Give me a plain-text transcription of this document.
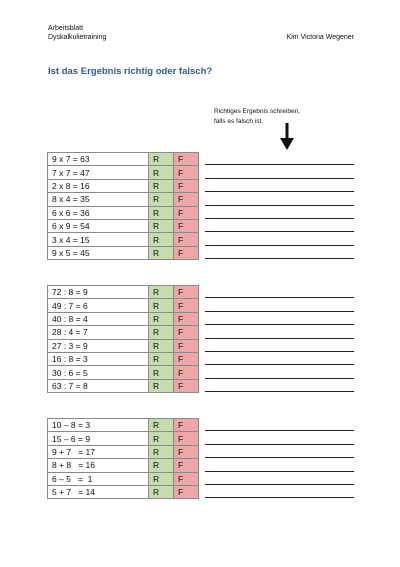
Arbeitsblatt
Dyskalkulietraining	Kim Victoria Wegener
Ist das Ergebnis richtig oder falsch?
Richtiges Ergebnis schreiben,
falls es falsch ist.
9 x 7 = 63	R	F
7 x 7 = 47	R	F
2 x 8 = 16	R	F
8 x 4 = 35	R	F
6 x 6 = 36	R	F
6 x 9 = 54	R	F
3 x 4 = 15	R	F
9 x 5 = 45	R	F
72 : 8 = 9	R	F
49 : 7 = 6	R	F
40 : 8 = 4	R	F
28 : 4 = 7	R	F
27 : 3 = 9	R	F
16 : 8 = 3	R	F
30 : 6 = 5	R	F
63 : 7 = 8	R	F
10 – 8 = 3	R	F
15 – 6 = 9	R	F
9 + 7   = 17	R	F
8 + 8   = 16	R	F
6 – 5   =  1	R	F
5 + 7   = 14	R	F
